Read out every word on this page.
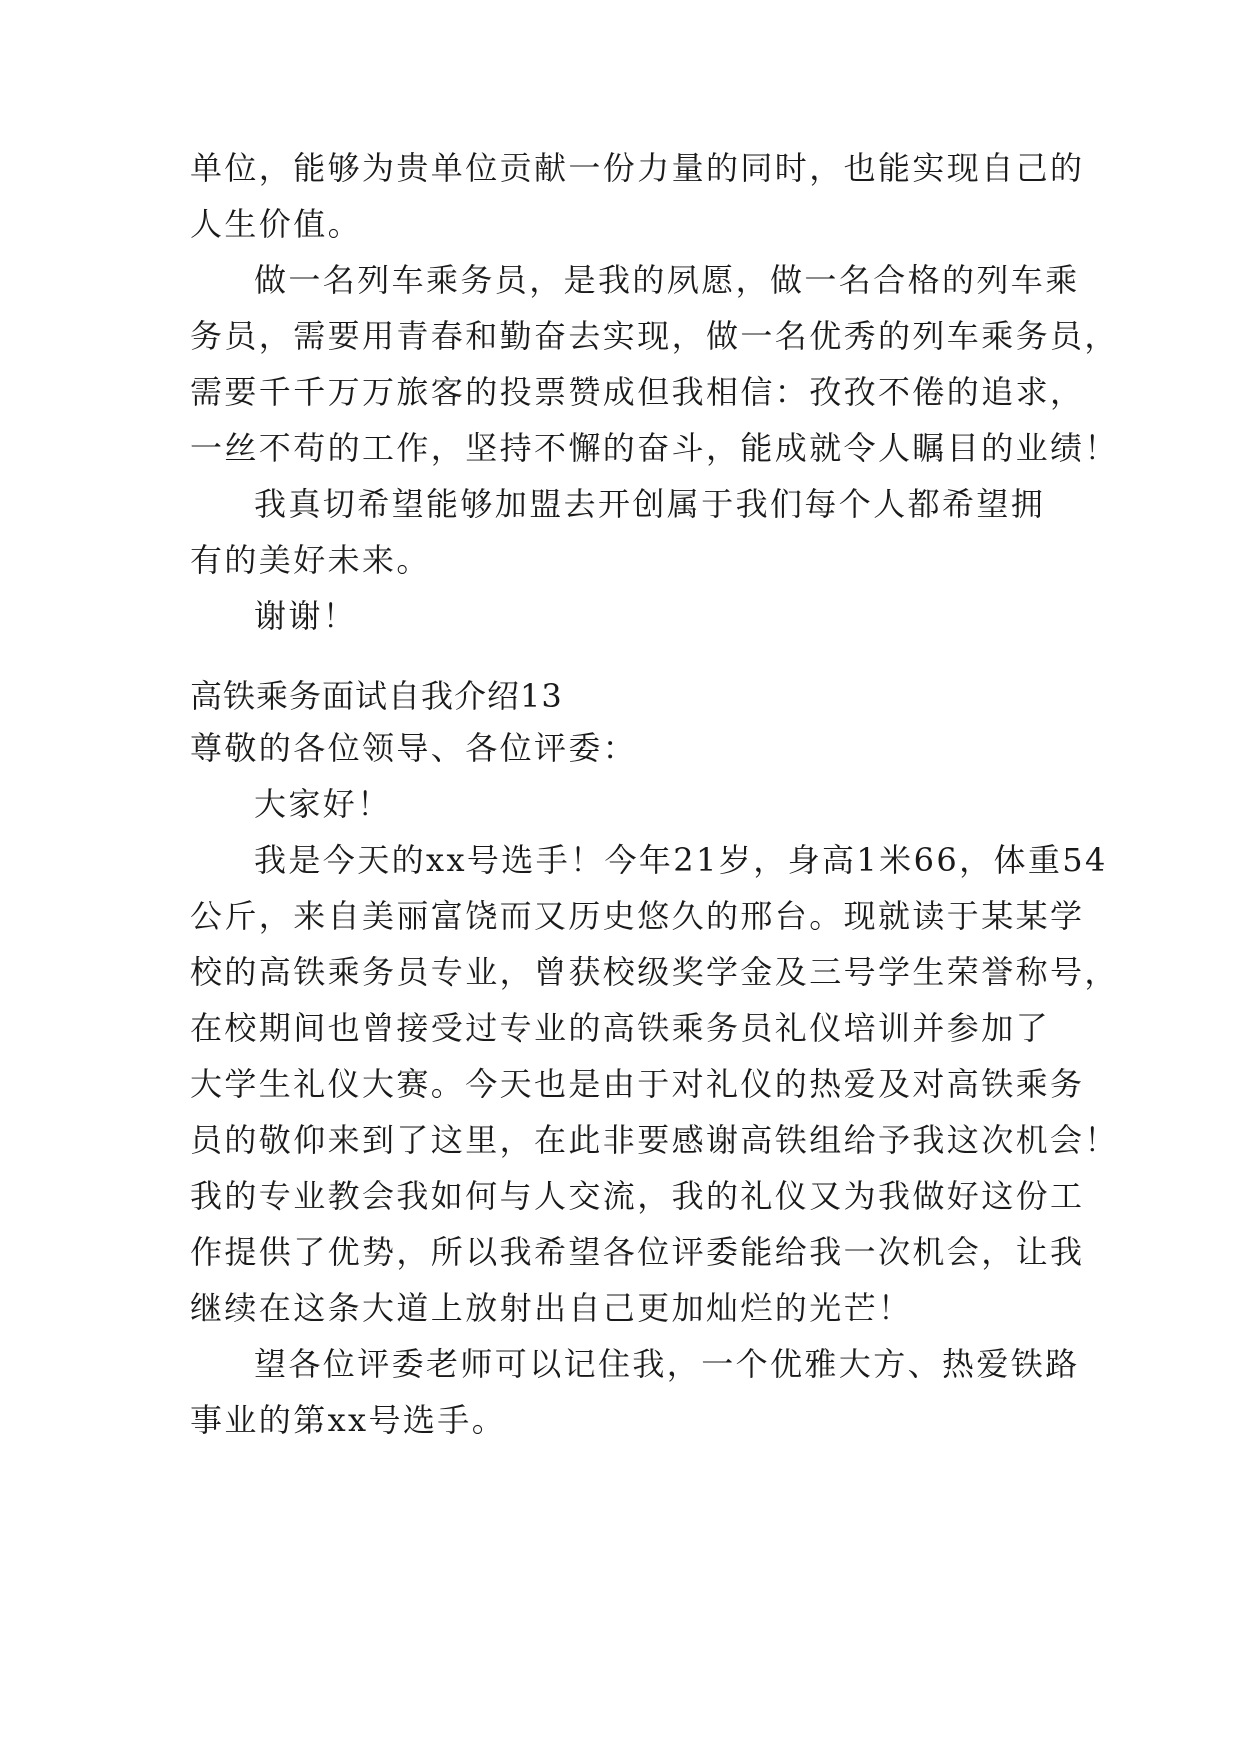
单位，能够为贵单位贡献一份力量的同时，也能实现自己的
人生价值。
做一名列车乘务员，是我的夙愿，做一名合格的列车乘
务员，需要用青春和勤奋去实现，做一名优秀的列车乘务员，
需要千千万万旅客的投票赞成但我相信：孜孜不倦的追求，
一丝不苟的工作，坚持不懈的奋斗，能成就令人瞩目的业绩！
我真切希望能够加盟去开创属于我们每个人都希望拥
有的美好未来。
谢谢！
高铁乘务面试自我介绍13
尊敬的各位领导、各位评委：
大家好！
我是今天的xx号选手！今年21岁，身高1米66，体重54
公斤，来自美丽富饶而又历史悠久的邢台。现就读于某某学
校的高铁乘务员专业，曾获校级奖学金及三号学生荣誉称号，
在校期间也曾接受过专业的高铁乘务员礼仪培训并参加了
大学生礼仪大赛。今天也是由于对礼仪的热爱及对高铁乘务
员的敬仰来到了这里，在此非要感谢高铁组给予我这次机会！
我的专业教会我如何与人交流，我的礼仪又为我做好这份工
作提供了优势，所以我希望各位评委能给我一次机会，让我
继续在这条大道上放射出自己更加灿烂的光芒！
望各位评委老师可以记住我，一个优雅大方、热爱铁路
事业的第xx号选手。
